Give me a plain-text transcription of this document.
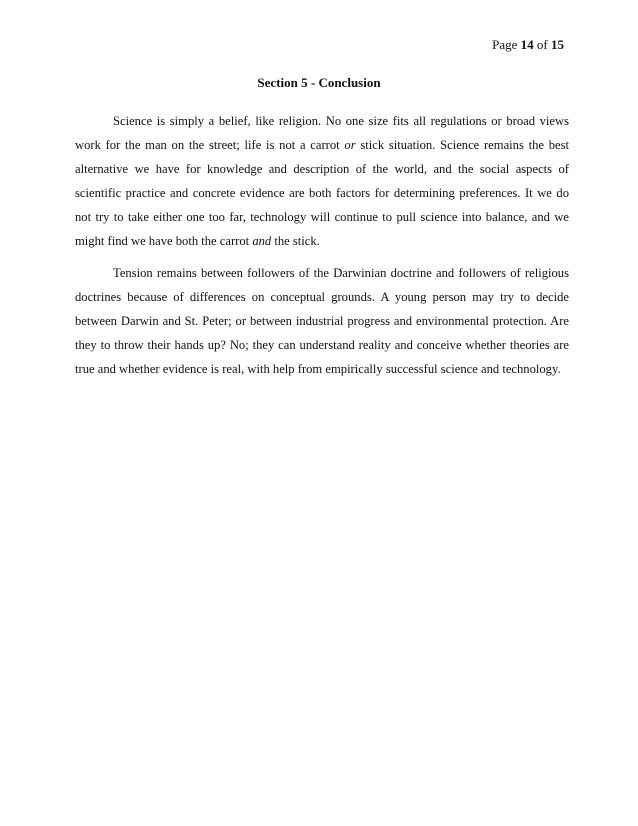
Page 14 of 15
Section 5 - Conclusion

Science is simply a belief, like religion. No one size fits all regulations or broad views
work for the man on the street; life is not a carrot or stick situation. Science remains the best
alternative we have for knowledge and description of the world, and the social aspects of
scientific practice and concrete evidence are both factors for determining preferences. It we do
not try to take either one too far, technology will continue to pull science into balance, and we
might find we have both the carrot and the stick.

Tension remains between followers of the Darwinian doctrine and followers of religious
doctrines because of differences on conceptual grounds. A young person may try to decide
between Darwin and St. Peter; or between industrial progress and environmental protection. Are
they to throw their hands up? No; they can understand reality and conceive whether theories are
true and whether evidence is real, with help from empirically successful science and technology.
